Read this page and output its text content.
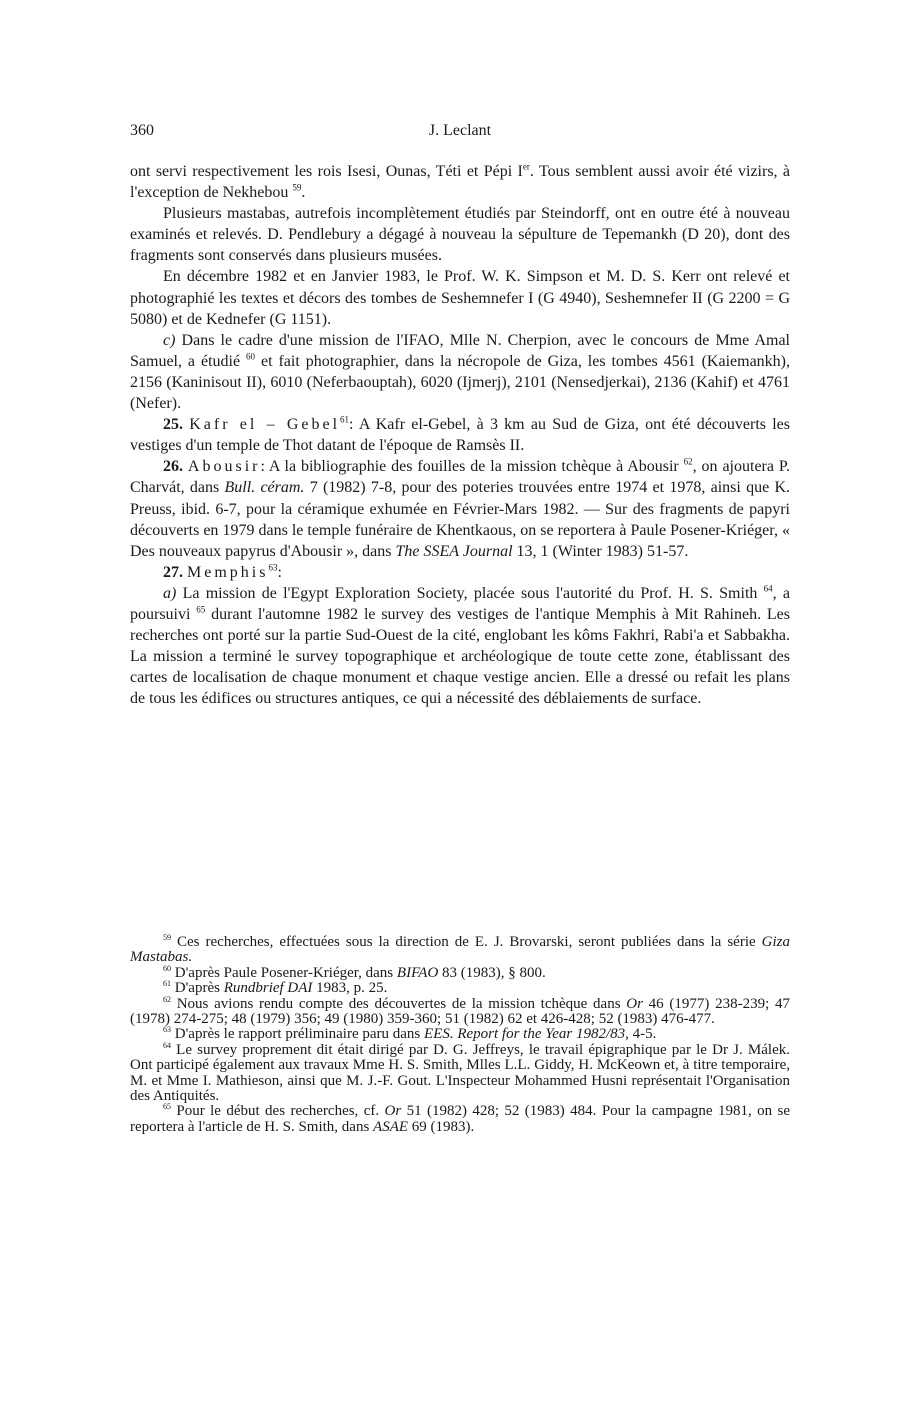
360	J. Leclant

ont servi respectivement les rois Isesi, Ounas, Téti et Pépi Ier. Tous semblent aussi avoir été vizirs, à l'exception de Nekhebou $^{59}$.

Plusieurs mastabas, autrefois incomplètement étudiés par Steindorff, ont en outre été à nouveau examinés et relevés. D. Pendlebury a dégagé à nouveau la sépulture de Tepemankh (D 20), dont des fragments sont conservés dans plusieurs musées.

En décembre 1982 et en Janvier 1983, le Prof. W. K. Simpson et M. D. S. Kerr ont relevé et photographié les textes et décors des tombes de Seshemnefer I (G 4940), Seshemnefer II (G 2200 = G 5080) et de Kednefer (G 1151).

c) Dans le cadre d'une mission de l'IFAO, Mlle N. Cherpion, avec le concours de Mme Amal Samuel, a étudié $^{60}$ et fait photographier, dans la nécropole de Giza, les tombes 4561 (Kaiemankh), 2156 (Kaninisout II), 6010 (Neferbaouptah), 6020 (Ijmerj), 2101 (Nensedjerkai), 2136 (Kahif) et 4761 (Nefer).

25. Kafr el – Gebel$^{61}$: A Kafr el-Gebel, à 3 km au Sud de Giza, ont été découverts les vestiges d'un temple de Thot datant de l'époque de Ramsès II.

26. Abousir: A la bibliographie des fouilles de la mission tchèque à Abousir $^{62}$, on ajoutera P. Charvát, dans Bull. céram. 7 (1982) 7-8, pour des poteries trouvées entre 1974 et 1978, ainsi que K. Preuss, ibid. 6-7, pour la céramique exhumée en Février-Mars 1982. — Sur des fragments de papyri découverts en 1979 dans le temple funéraire de Khentkaous, on se reportera à Paule Posener-Kriéger, « Des nouveaux papyrus d'Abousir », dans The SSEA Journal 13, 1 (Winter 1983) 51-57.

27. Memphis$^{63}$:

a) La mission de l'Egypt Exploration Society, placée sous l'autorité du Prof. H. S. Smith $^{64}$, a poursuivi $^{65}$ durant l'automne 1982 le survey des vestiges de l'antique Memphis à Mit Rahineh. Les recherches ont porté sur la partie Sud-Ouest de la cité, englobant les kôms Fakhri, Rabi'a et Sabbakha. La mission a terminé le survey topographique et archéologique de toute cette zone, établissant des cartes de localisation de chaque monument et chaque vestige ancien. Elle a dressé ou refait les plans de tous les édifices ou structures antiques, ce qui a nécessité des déblaiements de surface.

$^{59}$ Ces recherches, effectuées sous la direction de E. J. Brovarski, seront publiées dans la série Giza Mastabas.

$^{60}$ D'après Paule Posener-Kriéger, dans BIFAO 83 (1983), § 800.

$^{61}$ D'après Rundbrief DAI 1983, p. 25.

$^{62}$ Nous avions rendu compte des découvertes de la mission tchèque dans Or 46 (1977) 238-239; 47 (1978) 274-275; 48 (1979) 356; 49 (1980) 359-360; 51 (1982) 62 et 426-428; 52 (1983) 476-477.

$^{63}$ D'après le rapport préliminaire paru dans EES. Report for the Year 1982/83, 4-5.

$^{64}$ Le survey proprement dit était dirigé par D. G. Jeffreys, le travail épigraphique par le Dr J. Málek. Ont participé également aux travaux Mme H. S. Smith, Mlles L.L. Giddy, H. McKeown et, à titre temporaire, M. et Mme I. Mathieson, ainsi que M. J.-F. Gout. L'Inspecteur Mohammed Husni représentait l'Organisation des Antiquités.

$^{65}$ Pour le début des recherches, cf. Or 51 (1982) 428; 52 (1983) 484. Pour la campagne 1981, on se reportera à l'article de H. S. Smith, dans ASAE 69 (1983).
